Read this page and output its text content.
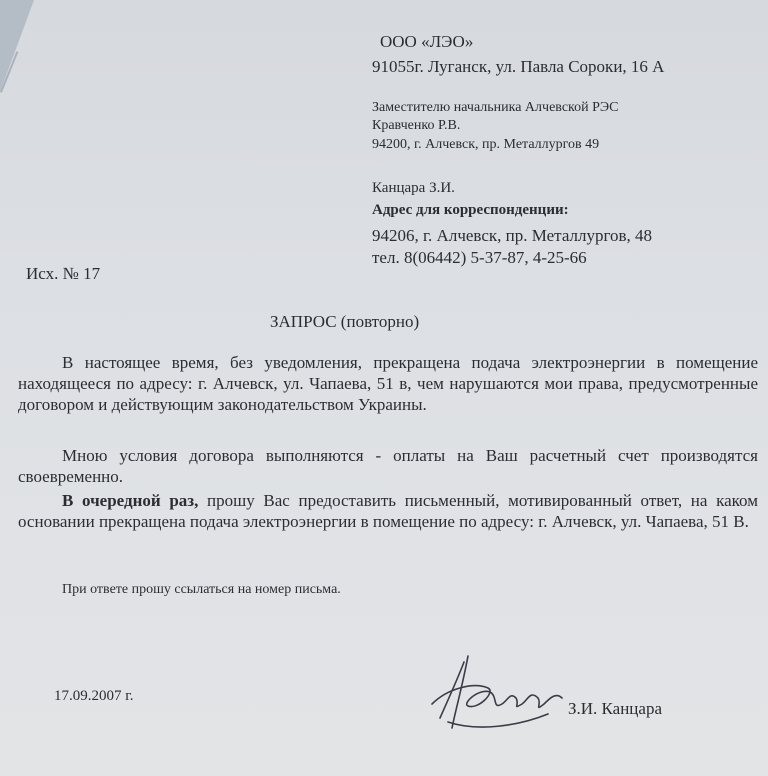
ООО «ЛЭО»
91055г. Луганск, ул. Павла Сороки, 16 А
Заместителю начальника Алчевской РЭС
Кравченко Р.В.
94200, г. Алчевск, пр. Металлургов 49
Канцара З.И.
Адрес для корреспонденции:
94206, г. Алчевск, пр. Металлургов, 48
тел. 8(06442) 5-37-87, 4-25-66
Исх. № 17
ЗАПРОС (повторно)
В настоящее время, без уведомления, прекращена подача электроэнергии в помещение находящееся по адресу: г. Алчевск, ул. Чапаева, 51 в, чем нарушаются мои права, предусмотренные договором и действующим законодательством Украины.
Мною условия договора выполняются - оплаты на Ваш расчетный счет производятся своевременно.
В очередной раз, прошу Вас предоставить письменный, мотивированный ответ, на каком основании прекращена подача электроэнергии в помещение по адресу: г. Алчевск, ул. Чапаева, 51 В.
При ответе прошу ссылаться на номер письма.
17.09.2007 г.
З.И. Канцара
